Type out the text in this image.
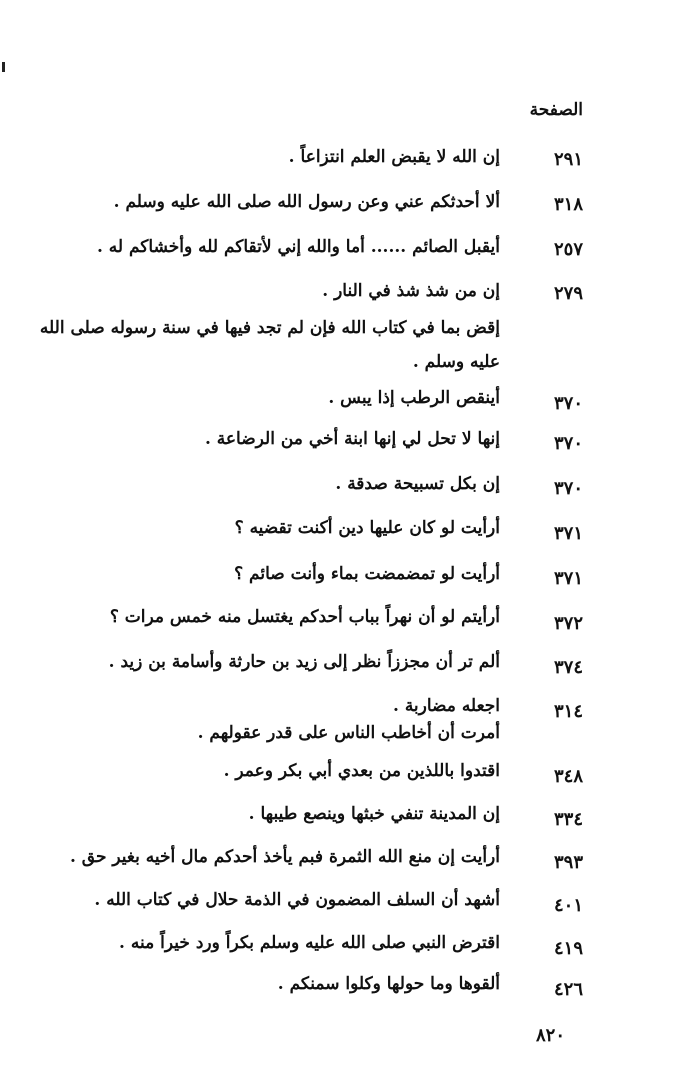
الصفحة
٢٩١
إن الله لا يقبض العلم انتزاعاً .
٣١٨
ألا أحدثكم عني وعن رسول الله صلى الله عليه وسلم .
٢٥٧
أيقبل الصائم ...... أما والله إني لأتقاكم لله وأخشاكم له .
٢٧٩
إن من شذ شذ في النار .
إقض بما في كتاب الله فإن لم تجد فيها في سنة رسوله صلى الله
عليه وسلم .
٣٧٠
أينقص الرطب إذا يبس .
٣٧٠
إنها لا تحل لي إنها ابنة أخي من الرضاعة .
٣٧٠
إن بكل تسبيحة صدقة .
٣٧١
أرأيت لو كان عليها دين أكنت تقضيه ؟
٣٧١
أرأيت لو تمضمضت بماء وأنت صائم ؟
٣٧٢
أرأيتم لو أن نهراً بباب أحدكم يغتسل منه خمس مرات ؟
٣٧٤
ألم تر أن مجززاً نظر إلى زيد بن حارثة وأسامة بن زيد .
٣١٤
اجعله مضاربة .
أمرت أن أخاطب الناس على قدر عقولهم .
٣٤٨
اقتدوا باللذين من بعدي أبي بكر وعمر .
٣٣٤
إن المدينة تنفي خبثها وينصع طيبها .
٣٩٣
أرأيت إن منع الله الثمرة فبم يأخذ أحدكم مال أخيه بغير حق .
٤٠١
أشهد أن السلف المضمون في الذمة حلال في كتاب الله .
٤١٩
اقترض النبي صلى الله عليه وسلم بكراً ورد خيراً منه .
٤٢٦
ألقوها وما حولها وكلوا سمنكم .
٨٢٠
